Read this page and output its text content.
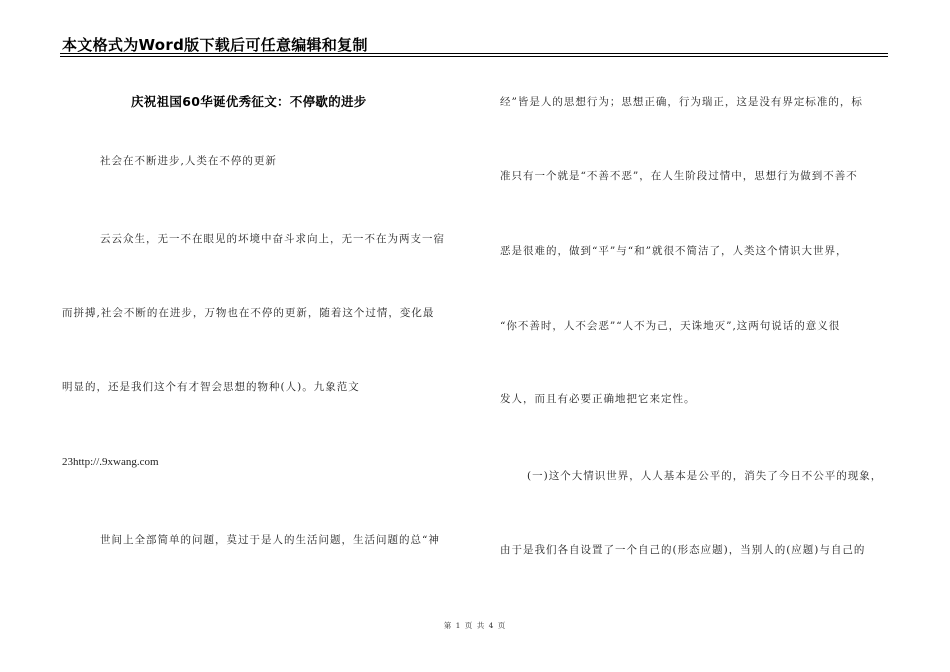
本文格式为Word版下载后可任意编辑和复制
庆祝祖国60华诞优秀征文：不停歇的进步
社会在不断进步,人类在不停的更新
云云众生，无一不在眼见的坏境中奋斗求向上，无一不在为两支一宿
而拼搏,社会不断的在进步，万物也在不停的更新，随着这个过情，变化最
明显的，还是我们这个有才智会思想的物种(人)。九象范文
23http://.9xwang.com
世间上全部简单的问题，莫过于是人的生活问题，生活问题的总“神
经”皆是人的思想行为；思想正确，行为瑞正，这是没有界定标准的，标
准只有一个就是“不善不恶”，在人生阶段过情中，思想行为做到不善不
恶是很难的，做到“平”与“和”就很不简洁了，人类这个情识大世界，
“你不善时，人不会恶”“人不为己，天诛地灭”,这两句说话的意义很
发人，而且有必要正确地把它来定性。
(一)这个大情识世界，人人基本是公平的，消失了今日不公平的现象，
由于是我们各自设置了一个自己的(形态应题)，当别人的(应题)与自己的
第 1 页 共 4 页
